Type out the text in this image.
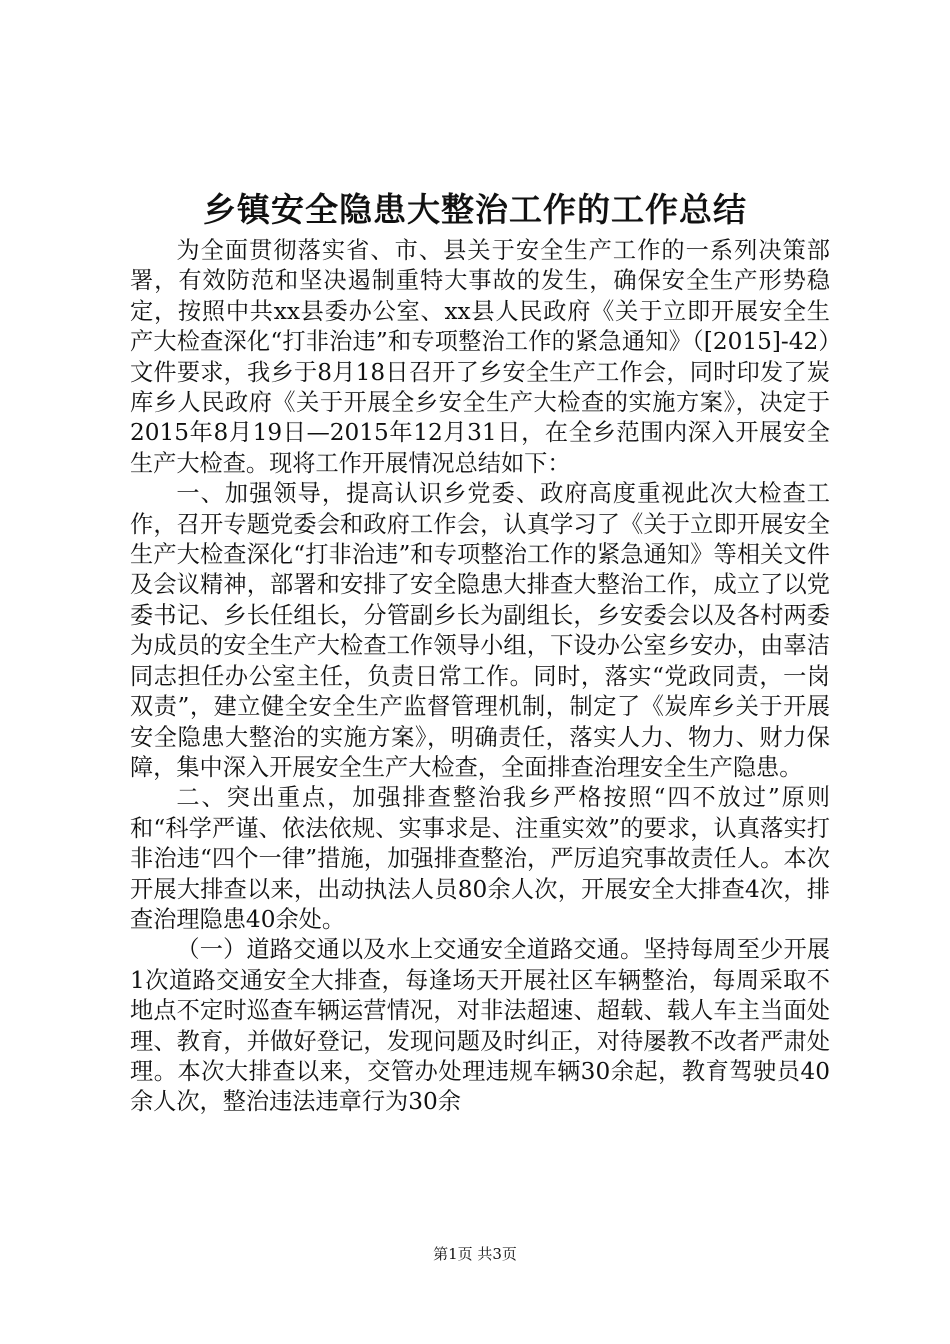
乡镇安全隐患大整治工作的工作总结

为全面贯彻落实省、市、县关于安全生产工作的一系列决策部署，有效防范和坚决遏制重特大事故的发生，确保安全生产形势稳定，按照中共xx县委办公室、xx县人民政府《关于立即开展安全生产大检查深化“打非治违”和专项整治工作的紧急通知》（[2015]-42）文件要求，我乡于8月18日召开了乡安全生产工作会，同时印发了炭库乡人民政府《关于开展全乡安全生产大检查的实施方案》，决定于2015年8月19日—2015年12月31日，在全乡范围内深入开展安全生产大检查。现将工作开展情况总结如下：

一、加强领导，提高认识乡党委、政府高度重视此次大检查工作，召开专题党委会和政府工作会，认真学习了《关于立即开展安全生产大检查深化“打非治违”和专项整治工作的紧急通知》等相关文件及会议精神，部署和安排了安全隐患大排查大整治工作，成立了以党委书记、乡长任组长，分管副乡长为副组长，乡安委会以及各村两委为成员的安全生产大检查工作领导小组，下设办公室乡安办，由辜洁同志担任办公室主任，负责日常工作。同时，落实“党政同责，一岗双责”，建立健全安全生产监督管理机制，制定了《炭库乡关于开展安全隐患大整治的实施方案》，明确责任，落实人力、物力、财力保障，集中深入开展安全生产大检查，全面排查治理安全生产隐患。

二、突出重点，加强排查整治我乡严格按照“四不放过”原则和“科学严谨、依法依规、实事求是、注重实效”的要求，认真落实打非治违“四个一律”措施，加强排查整治，严厉追究事故责任人。本次开展大排查以来，出动执法人员80余人次，开展安全大排查4次，排查治理隐患40余处。

（一）道路交通以及水上交通安全道路交通。坚持每周至少开展1次道路交通安全大排查，每逢场天开展社区车辆整治，每周采取不地点不定时巡查车辆运营情况，对非法超速、超载、载人车主当面处理、教育，并做好登记，发现问题及时纠正，对待屡教不改者严肃处理。本次大排查以来，交管办处理违规车辆30余起，教育驾驶员40余人次，整治违法违章行为30余

第1页 共3页
